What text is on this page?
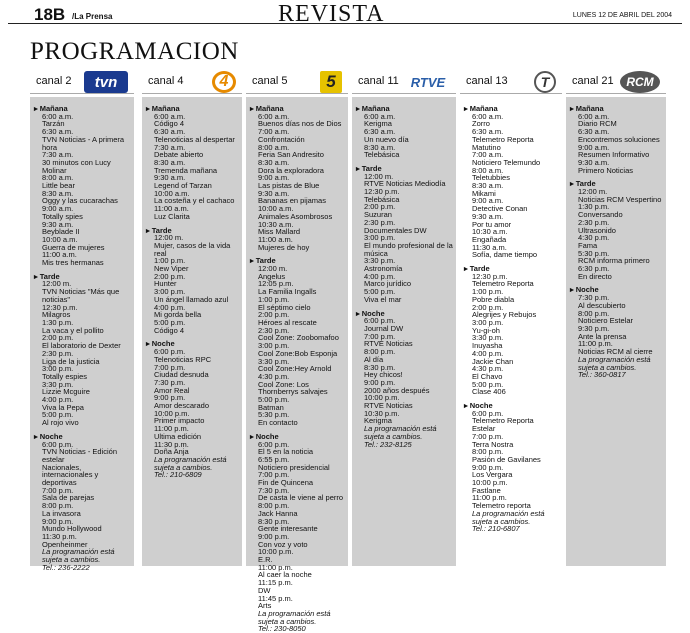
18B /La Prensa	REVISTA	LUNES 12 DE ABRIL DEL 2004
PROGRAMACION
canal 2	tvn
▸ Mañana
6:00 a.m.
Tarzán
6:30 a.m.
TVN Noticias - A primera hora
7:30 a.m.
30 minutos con Lucy Molinar
8:00 a.m.
Little bear
8:30 a.m.
Oggy y las cucarachas
9:00 a.m.
Totally spies
9:30 a.m.
Beyblade II
10:00 a.m.
Guerra de mujeres
11:00 a.m.
Mis tres hermanas
▸ Tarde
12:00 m.
TVN Noticias "Más que noticias"
12:30 p.m.
Milagros
1:30 p.m.
La vaca y el pollito
2:00 p.m.
El laboratorio de Dexter
2:30 p.m.
Liga de la justicia
3:00 p.m.
Totally espies
3:30 p.m.
Lizzie Mcguire
4:00 p.m.
Viva la Pepa
5:00 p.m.
Al rojo vivo
▸ Noche
6:00 p.m.
TVN Noticias - Edición estelar
Nacionales, internacionales y deportivas
7:00 p.m.
Sala de parejas
8:00 p.m.
La invasora
9:00 p.m.
Mundo Hollywood
11:30 p.m.
Openheinmer
La programación está sujeta a cambios.
Tel.: 236-2222
canal 4	4
▸ Mañana
6:00 a.m.
Código 4
6:30 a.m.
Telenoticias al despertar
7:30 a.m.
Debate abierto
8:30 a.m.
Tremenda mañana
9:30 a.m.
Legend of Tarzan
10:00 a.m.
La costeña y el cachaco
11:00 a.m.
Luz Clarita
▸ Tarde
12:00 m.
Mujer, casos de la vida real
1:00 p.m.
New Viper
2:00 p.m.
Hunter
3:00 p.m.
Un ángel llamado azul
4:00 p.m.
Mi gorda bella
5:00 p.m.
Código 4
▸ Noche
6:00 p.m.
Telenoticias RPC
7:00 p.m.
Ciudad desnuda
7:30 p.m.
Amor Real
9:00 p.m.
Amor descarado
10:00 p.m.
Primer impacto
11:00 p.m.
Ultima edición
11:30 p.m.
Doña Anja
La programación está sujeta a cambios.
Tel.: 210-6809
canal 5	5
▸ Mañana
6:00 a.m.
Buenos días nos de Dios
7:00 a.m.
Confrontación
8:00 a.m.
Feria San Andresito
8:30 a.m.
Dora la exploradora
9:00 a.m.
Las pistas de Blue
9:30 a.m.
Bananas en pijamas
10:00 a.m.
Animales Asombrosos
10:30 a.m.
Miss Mallard
11:00 a.m.
Mujeres de hoy
▸ Tarde
12:00 m.
Angelus
12:05 p.m.
La Familia Ingalls
1:00 p.m.
El séptimo cielo
2:00 p.m.
Héroes al rescate
2:30 p.m.
Cool Zone: Zoobomafoo
3:00 p.m.
Cool Zone:Bob Esponja
3:30 p.m.
Cool Zone:Hey Arnold
4:30 p.m.
Cool Zone: Los Thornberrys salvajes
5:00 p.m.
Batman
5:30 p.m.
En contacto
▸ Noche
6:00 p.m.
El 5 en la noticia
6:55 p.m.
Noticiero presidencial
7:00 p.m.
Fin de Quincena
7:30 p.m.
De casta le viene al perro
8:00 p.m.
Jack Hanna
8:30 p.m.
Gente interesante
9:00 p.m.
Con voz y voto
10:00 p.m.
E.R.
11:00 p.m.
Al caer la noche
11:15 p.m.
DW
11:45 p.m.
Arts
La programación está sujeta a cambios.
Tel.: 230-8050
canal 11 RTVE
▸ Mañana
6:00 a.m.
Kerigma
6:30 a.m.
Un nuevo día
8:30 a.m.
Telebásica
▸ Tarde
12:00 m.
RTVE Noticias Mediodía
12:30 p.m.
Telebásica
2:00 p.m.
Suzuran
2:30 p.m.
Documentales DW
3:00 p.m.
El mundo profesional de la música
3:30 p.m.
Astronomía
4:00 p.m.
Marco jurídico
5:00 p.m.
Viva el mar
▸ Noche
6:00 p.m.
Journal DW
7:00 p.m.
RTVE Noticias
8:00 p.m.
Al día
8:30 p.m.
Hey chicos!
9:00 p.m.
2000 años después
10:00 p.m.
RTVE Noticias
10:30 p.m.
Kerigma
La programación está sujeta a cambios.
Tel.: 232-8125
canal 13	T
▸ Mañana
6:00 a.m.
Zorro
6:30 a.m.
Telemetro Reporta Matutino
7:00 a.m.
Noticiero Telemundo
8:00 a.m.
Teletubbies
8:30 a.m.
Mikami
9:00 a.m.
Detective Conan
9:30 a.m.
Por tu amor
10:30 a.m.
Engañada
11:30 a.m.
Sofía, dame tiempo
▸ Tarde
12:30 p.m.
Telemetro Reporta
1:00 p.m.
Pobre diabla
2:00 p.m.
Alegrijes y Rebujos
3:00 p.m.
Yu-gi-oh
3:30 p.m.
Inuyasha
4:00 p.m.
Jackie Chan
4:30 p.m.
El Chavo
5:00 p.m.
Clase 406
▸ Noche
6:00 p.m.
Telemetro Reporta Estelar
7:00 p.m.
Terra Nostra
8:00 p.m.
Pasión de Gavilanes
9:00 p.m.
Los Vergara
10:00 p.m.
Fastlane
11:00 p.m.
Telemetro reporta
La programación está sujeta a cambios.
Tel.: 210-6807
canal 21	RCM
▸ Mañana
6:00 a.m.
Diario RCM
6:30 a.m.
Encontremos soluciones
9:00 a.m.
Resumen Informativo
9:30 a.m.
Primero Noticias
▸ Tarde
12:00 m.
Noticias RCM Vespertino
1:30 p.m.
Conversando
2:30 p.m.
Ultrasonido
4:30 p.m.
Fama
5:30 p.m.
RCM informa primero
6:30 p.m.
En directo
▸ Noche
7:30 p.m.
Al descubierto
8:00 p.m.
Noticiero Estelar
9:30 p.m.
Ante la prensa
11:00 p.m.
Noticias RCM al cierre
La programación está sujeta a cambios.
Tel.: 360-0817
